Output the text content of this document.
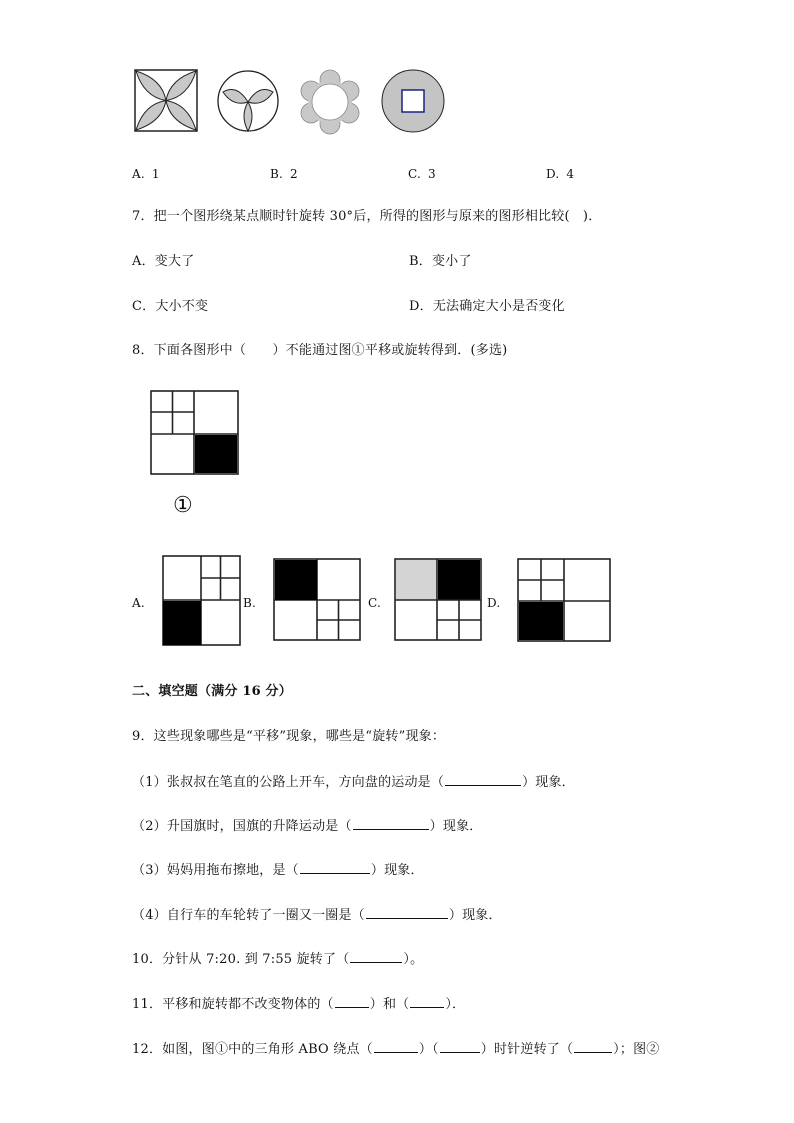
A. 1	B. 2	C. 3	D. 4
7．把一个图形绕某点顺时针旋转 30°后，所得的图形与原来的图形相比较(　)．
A．变大了	B．变小了
C．大小不变	D．无法确定大小是否变化
8．下面各图形中（　　）不能通过图①平移或旋转得到．(多选)
①
A.	B.	C.	D.
二、填空题（满分 16 分）
9．这些现象哪些是“平移”现象，哪些是“旋转”现象：
（1）张叔叔在笔直的公路上开车，方向盘的运动是（	）现象．
（2）升国旗时，国旗的升降运动是（	）现象．
（3）妈妈用拖布擦地，是（	）现象．
（4）自行车的车轮转了一圈又一圈是（	）现象．
10．分针从 7:20. 到 7:55 旋转了（	）。
11．平移和旋转都不改变物体的（	）和（	）．
12．如图，图①中的三角形 ABO 绕点（	）（	）时针逆转了（	）；图②
